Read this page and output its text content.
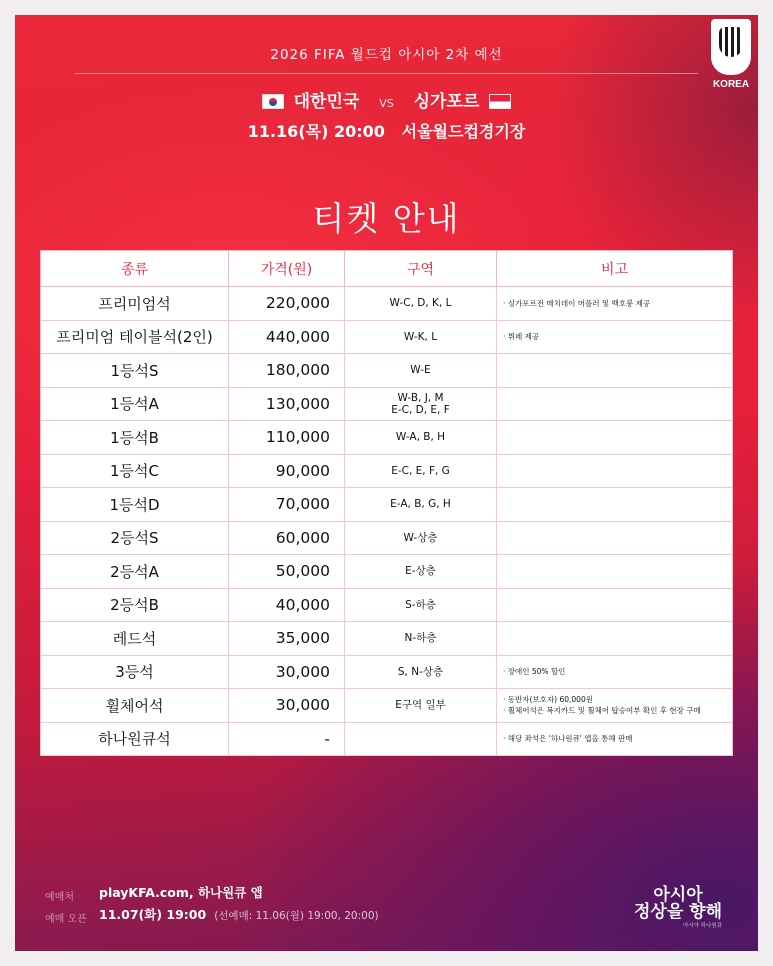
2026 FIFA 월드컵 아시아 2차 예선
대한민국 VS 싱가포르
11.16(목) 20:00 서울월드컵경기장
KOREA
티켓 안내
종류	가격(원)	구역	비고
프리미엄석	220,000	W-C, D, K, L	· 싱가포르전 매치데이 머플러 및 백호붕 제공
프리미엄 테이블석(2인)	440,000	W-K, L	· 뷔페 제공
1등석S	180,000	W-E	
1등석A	130,000	W-B, J, M
E-C, D, E, F	
1등석B	110,000	W-A, B, H	
1등석C	90,000	E-C, E, F, G	
1등석D	70,000	E-A, B, G, H	
2등석S	60,000	W-상층	
2등석A	50,000	E-상층	
2등석B	40,000	S-하층	
레드석	35,000	N-하층	
3등석	30,000	S, N-상층	· 장애인 50% 할인
휠체어석	30,000	E구역 일부	· 동반자(보호자) 60,000원
· 휠체어석은 복지카드 및 휠체어 탑승여부 확인 후 현장 구매
하나원큐석	-		· 해당 좌석은 '하나원큐' 앱을 통해 판매
예매처 playKFA.com, 하나원큐 앱
예매 오픈 11.07(화) 19:00 (선예매: 11.06(월) 19:00, 20:00)
아시아
정상을 향해
아시아 하나원큐
